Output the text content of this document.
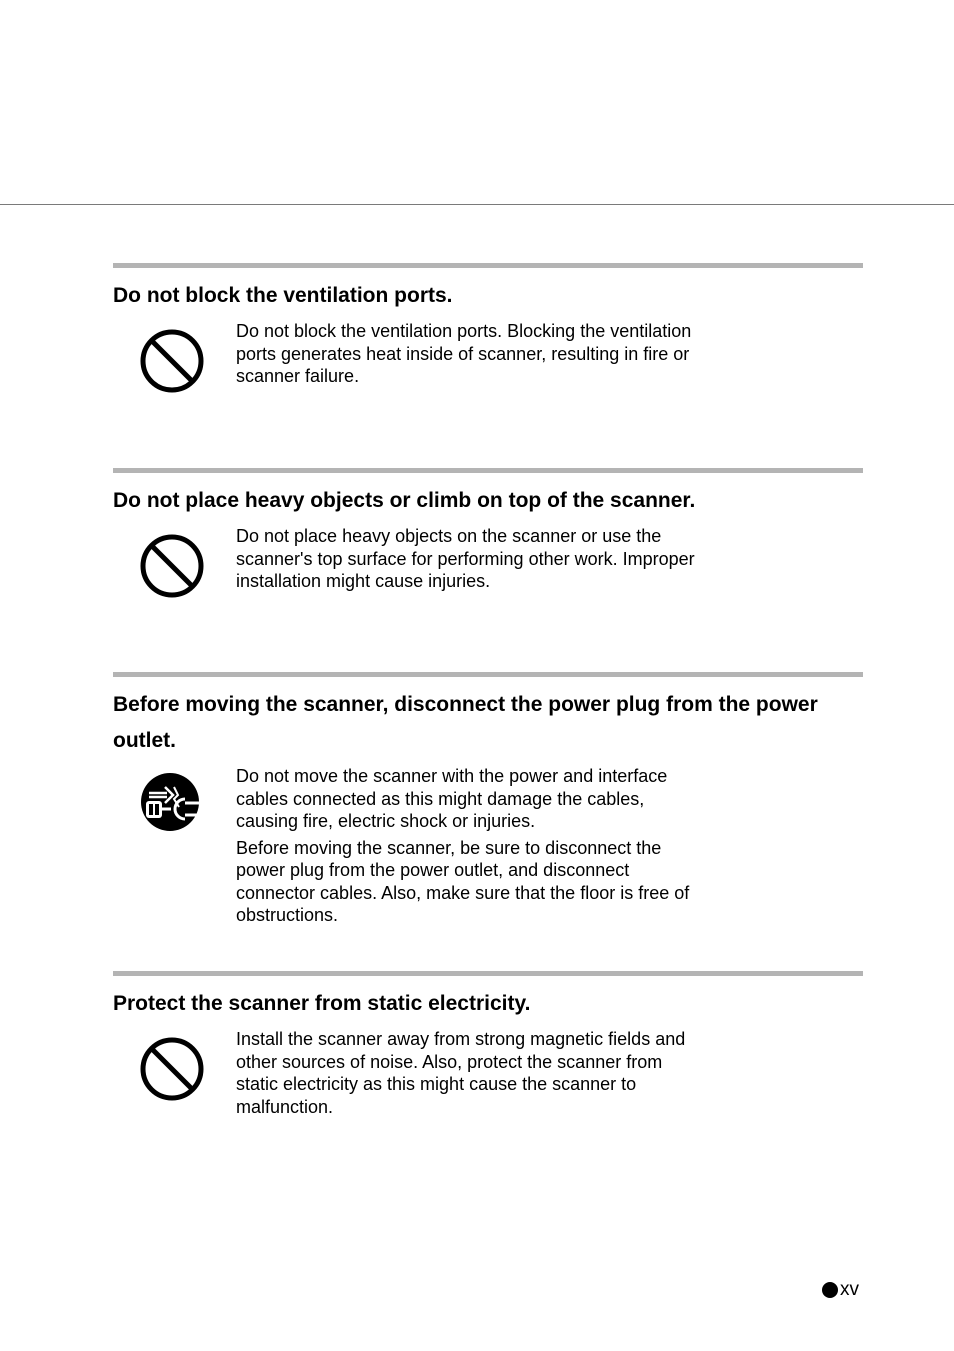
Do not block the ventilation ports.

Do not block the ventilation ports. Blocking the ventilation ports generates heat inside of scanner, resulting in fire or scanner failure.

Do not place heavy objects or climb on top of the scanner.

Do not place heavy objects on the scanner or use the scanner's top surface for performing other work. Improper installation might cause injuries.

Before moving the scanner, disconnect the power plug from the power outlet.

Do not move the scanner with the power and interface cables connected as this might damage the cables, causing fire, electric shock or injuries.

Before moving the scanner, be sure to disconnect the power plug from the power outlet, and disconnect connector cables. Also, make sure that the floor is free of obstructions.

Protect the scanner from static electricity.

Install the scanner away from strong magnetic fields and other sources of noise. Also, protect the scanner from static electricity as this might cause the scanner to malfunction.

xv
